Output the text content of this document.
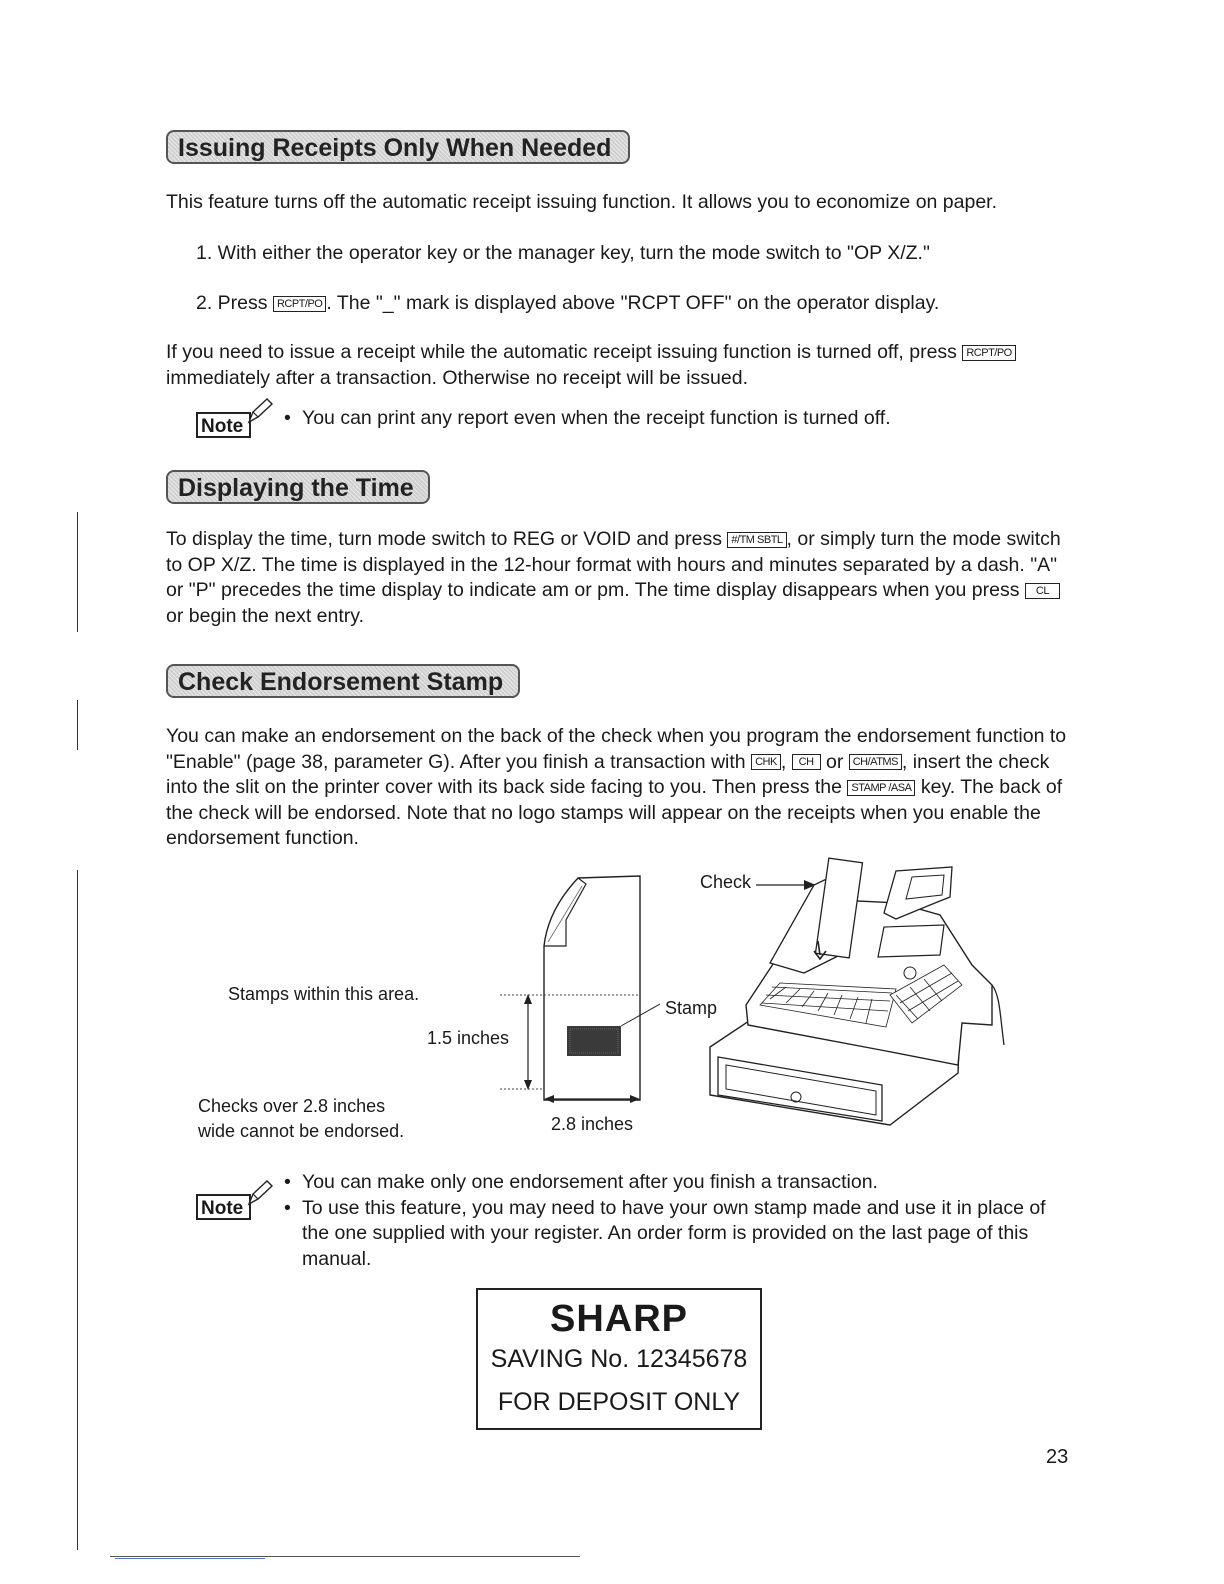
Issuing Receipts Only When Needed
This feature turns off the automatic receipt issuing function. It allows you to economize on paper.
1. With either the operator key or the manager key, turn the mode switch to "OP X/Z."
2. Press RCPT/PO . The "_" mark is displayed above "RCPT OFF" on the operator display.
If you need to issue a receipt while the automatic receipt issuing function is turned off, press RCPT/PO immediately after a transaction. Otherwise no receipt will be issued.
Note
•	You can print any report even when the receipt function is turned off.
Displaying the Time
To display the time, turn mode switch to REG or VOID and press #/TM SBTL , or simply turn the mode switch to OP X/Z. The time is displayed in the 12-hour format with hours and minutes separated by a dash. "A" or "P" precedes the time display to indicate am or pm. The time display disappears when you press CL or begin the next entry.
Check Endorsement Stamp
You can make an endorsement on the back of the check when you program the endorsement function to "Enable" (page 38, parameter G). After you finish a transaction with CHK , CH or CH/ATMS , insert the check into the slit on the printer cover with its back side facing to you. Then press the STAMP /ASA key. The back of the check will be endorsed. Note that no logo stamps will appear on the receipts when you enable the endorsement function.
Stamps within this area.
1.5 inches
Checks over 2.8 inches
wide cannot be endorsed.	2.8 inches
Check
Stamp
Note
• You can make only one endorsement after you finish a transaction.
• To use this feature, you may need to have your own stamp made and use it in place of the one supplied with your register. An order form is provided on the last page of this manual.
SHARP
SAVING No. 12345678
FOR DEPOSIT ONLY
23
